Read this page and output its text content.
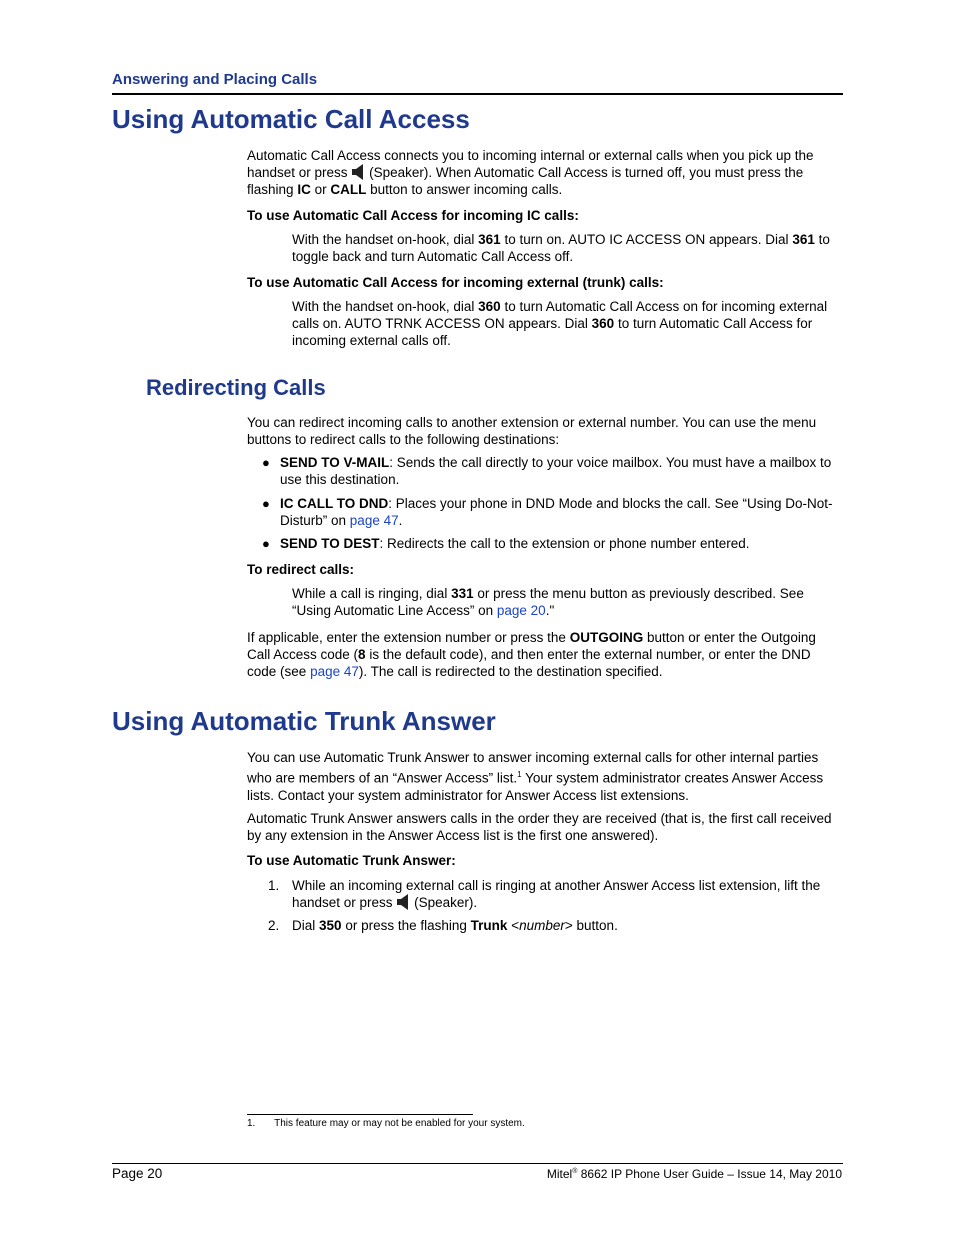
Answering and Placing Calls
Using Automatic Call Access

Automatic Call Access connects you to incoming internal or external calls when you pick up the handset or press (Speaker). When Automatic Call Access is turned off, you must press the flashing IC or CALL button to answer incoming calls.

To use Automatic Call Access for incoming IC calls:

With the handset on-hook, dial 361 to turn on. AUTO IC ACCESS ON appears. Dial 361 to toggle back and turn Automatic Call Access off.

To use Automatic Call Access for incoming external (trunk) calls:

With the handset on-hook, dial 360 to turn Automatic Call Access on for incoming external calls on. AUTO TRNK ACCESS ON appears. Dial 360 to turn Automatic Call Access for incoming external calls off.

Redirecting Calls

You can redirect incoming calls to another extension or external number. You can use the menu buttons to redirect calls to the following destinations:

● SEND TO V-MAIL: Sends the call directly to your voice mailbox. You must have a mailbox to use this destination.
● IC CALL TO DND: Places your phone in DND Mode and blocks the call. See “Using Do-Not-Disturb” on page 47.
● SEND TO DEST: Redirects the call to the extension or phone number entered.
To redirect calls:

While a call is ringing, dial 331 or press the menu button as previously described. See “Using Automatic Line Access” on page 20."

If applicable, enter the extension number or press the OUTGOING button or enter the Outgoing Call Access code (8 is the default code), and then enter the external number, or enter the DND code (see page 47). The call is redirected to the destination specified.

Using Automatic Trunk Answer

You can use Automatic Trunk Answer to answer incoming external calls for other internal parties who are members of an “Answer Access” list.$^1$ Your system administrator creates Answer Access lists. Contact your system administrator for Answer Access list extensions.

Automatic Trunk Answer answers calls in the order they are received (that is, the first call received by any extension in the Answer Access list is the first one answered).

To use Automatic Trunk Answer:
1. While an incoming external call is ringing at another Answer Access list extension, lift the handset or press (Speaker).
2. Dial 350 or press the flashing Trunk <number> button.
1. This feature may or may not be enabled for your system.
Page 20	Mitel® 8662 IP Phone User Guide – Issue 14, May 2010
